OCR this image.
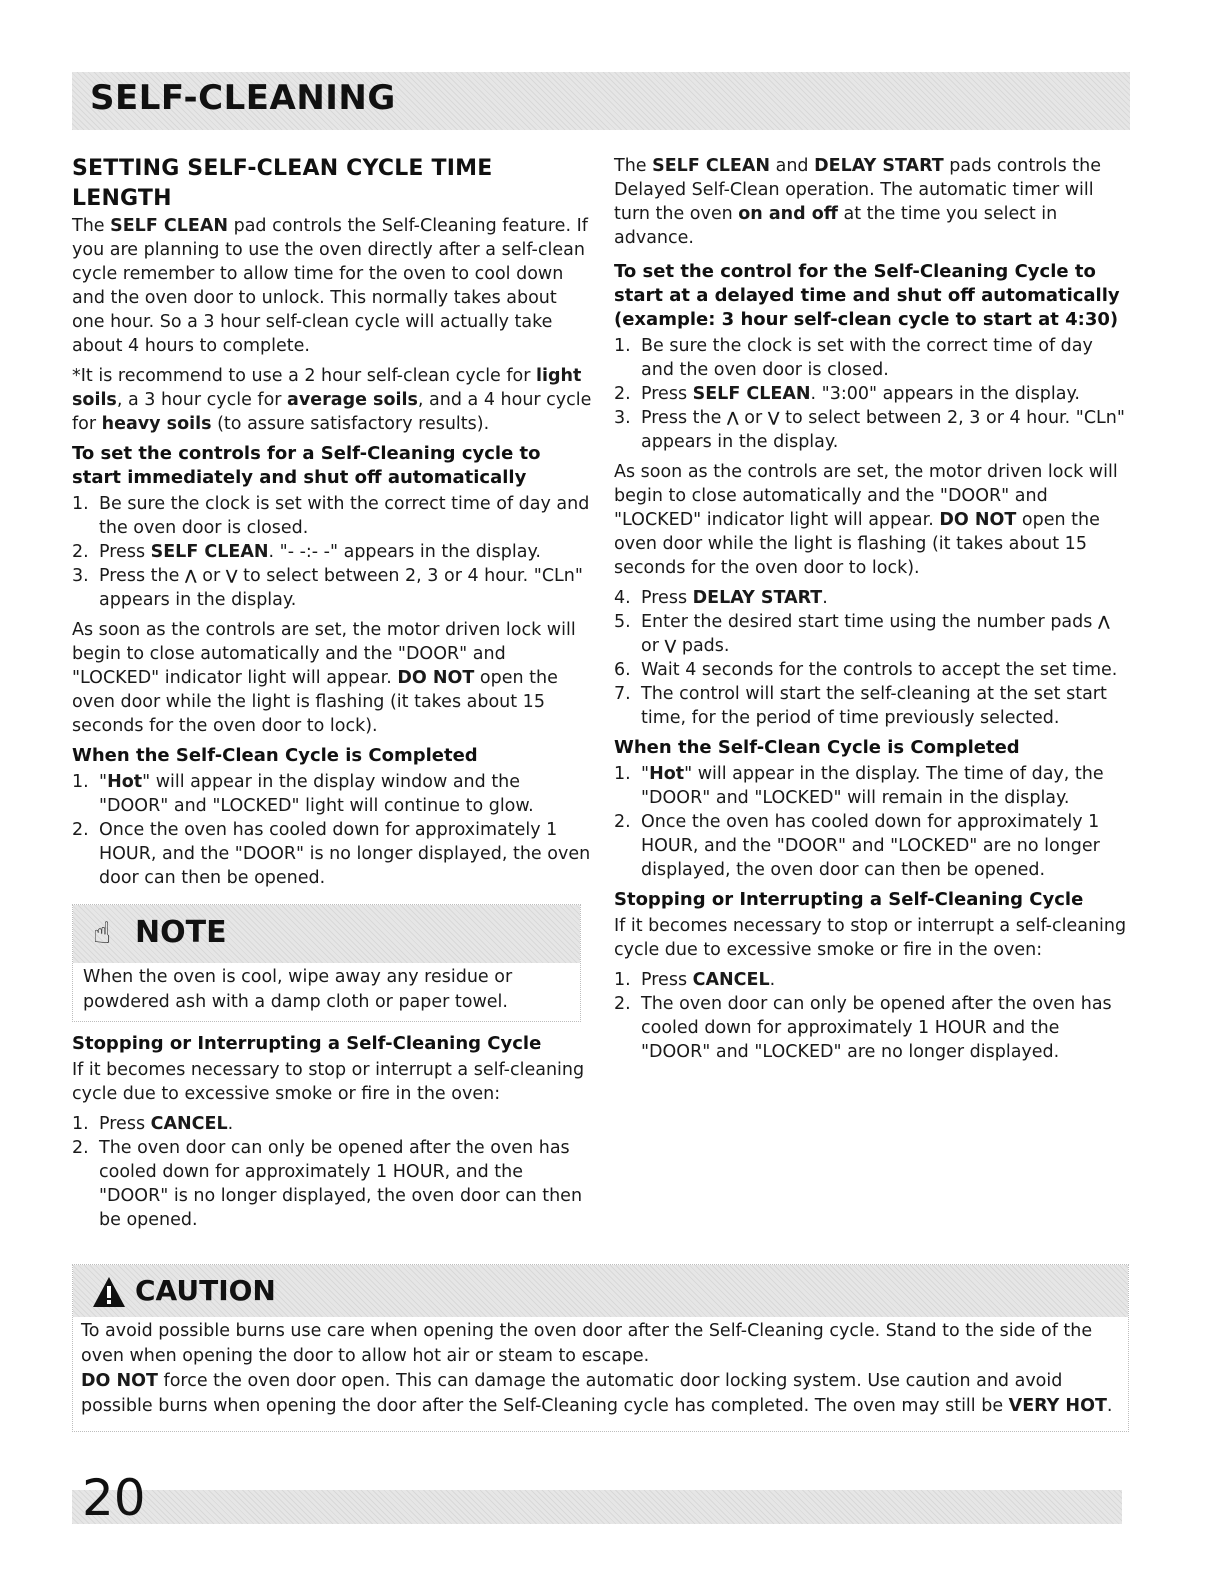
SELF-CLEANING
SETTING SELF-CLEAN CYCLE TIME LENGTH

The SELF CLEAN pad controls the Self-Cleaning feature. If you are planning to use the oven directly after a self-clean cycle remember to allow time for the oven to cool down and the oven door to unlock. This normally takes about one hour. So a 3 hour self-clean cycle will actually take about 4 hours to complete.

*It is recommend to use a 2 hour self-clean cycle for light soils, a 3 hour cycle for average soils, and a 4 hour cycle for heavy soils (to assure satisfactory results).

To set the controls for a Self-Cleaning cycle to start immediately and shut off automatically
1. Be sure the clock is set with the correct time of day and the oven door is closed.
2. Press SELF CLEAN. "- -:- -" appears in the display.
3. Press the ⋀ or ⋁ to select between 2, 3 or 4 hour. "CLn" appears in the display.

As soon as the controls are set, the motor driven lock will begin to close automatically and the "DOOR" and "LOCKED" indicator light will appear. DO NOT open the oven door while the light is flashing (it takes about 15 seconds for the oven door to lock).

When the Self-Clean Cycle is Completed
1. "Hot" will appear in the display window and the "DOOR" and "LOCKED" light will continue to glow.
2. Once the oven has cooled down for approximately 1 HOUR, and the "DOOR" is no longer displayed, the oven door can then be opened.
☝ NOTE
When the oven is cool, wipe away any residue or powdered ash with a damp cloth or paper towel.
Stopping or Interrupting a Self-Cleaning Cycle

If it becomes necessary to stop or interrupt a self-cleaning cycle due to excessive smoke or fire in the oven:

1. Press CANCEL.
2. The oven door can only be opened after the oven has cooled down for approximately 1 HOUR, and the "DOOR" is no longer displayed, the oven door can then be opened.

The SELF CLEAN and DELAY START pads controls the Delayed Self-Clean operation. The automatic timer will turn the oven on and off at the time you select in advance.

To set the control for the Self-Cleaning Cycle to start at a delayed time and shut off automatically (example: 3 hour self-clean cycle to start at 4:30)
1. Be sure the clock is set with the correct time of day and the oven door is closed.
2. Press SELF CLEAN. "3:00" appears in the display.
3. Press the ⋀ or ⋁ to select between 2, 3 or 4 hour. "CLn" appears in the display.

As soon as the controls are set, the motor driven lock will begin to close automatically and the "DOOR" and "LOCKED" indicator light will appear. DO NOT open the oven door while the light is flashing (it takes about 15 seconds for the oven door to lock).

4. Press DELAY START.
5. Enter the desired start time using the number pads ⋀ or ⋁ pads.
6. Wait 4 seconds for the controls to accept the set time.
7. The control will start the self-cleaning at the set start time, for the period of time previously selected.
When the Self-Clean Cycle is Completed
1. "Hot" will appear in the display. The time of day, the "DOOR" and "LOCKED" will remain in the display.
2. Once the oven has cooled down for approximately 1 HOUR, and the "DOOR" and "LOCKED" are no longer displayed, the oven door can then be opened.
Stopping or Interrupting a Self-Cleaning Cycle

If it becomes necessary to stop or interrupt a self-cleaning cycle due to excessive smoke or fire in the oven:

1. Press CANCEL.
2. The oven door can only be opened after the oven has cooled down for approximately 1 HOUR and the "DOOR" and "LOCKED" are no longer displayed.
CAUTION

To avoid possible burns use care when opening the oven door after the Self-Cleaning cycle. Stand to the side of the oven when opening the door to allow hot air or steam to escape.

DO NOT force the oven door open. This can damage the automatic door locking system. Use caution and avoid possible burns when opening the door after the Self-Cleaning cycle has completed. The oven may still be VERY HOT.

20
